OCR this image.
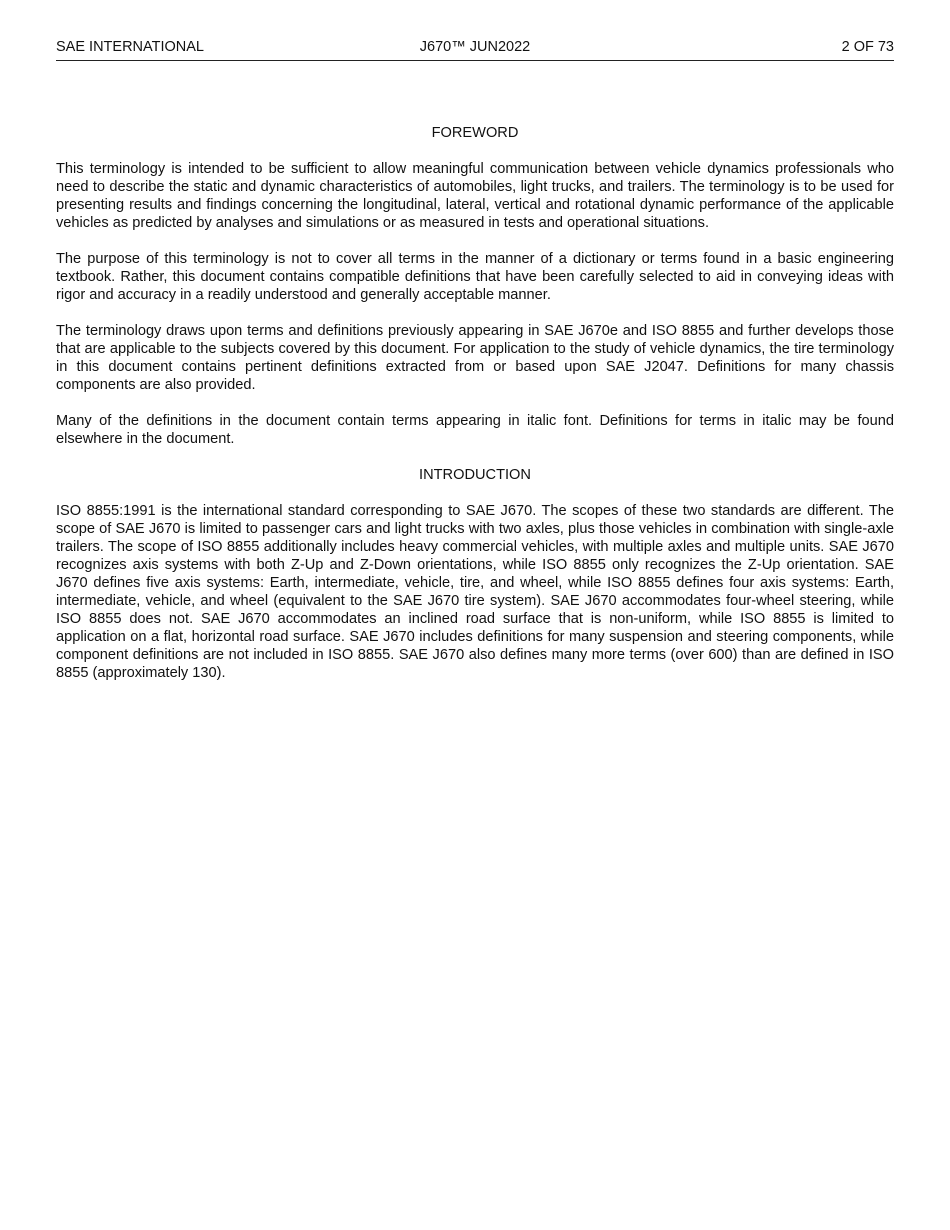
SAE INTERNATIONAL	J670™ JUN2022	2 OF 73
FOREWORD

This terminology is intended to be sufficient to allow meaningful communication between vehicle dynamics professionals who need to describe the static and dynamic characteristics of automobiles, light trucks, and trailers. The terminology is to be used for presenting results and findings concerning the longitudinal, lateral, vertical and rotational dynamic performance of the applicable vehicles as predicted by analyses and simulations or as measured in tests and operational situations.

The purpose of this terminology is not to cover all terms in the manner of a dictionary or terms found in a basic engineering textbook. Rather, this document contains compatible definitions that have been carefully selected to aid in conveying ideas with rigor and accuracy in a readily understood and generally acceptable manner.

The terminology draws upon terms and definitions previously appearing in SAE J670e and ISO 8855 and further develops those that are applicable to the subjects covered by this document. For application to the study of vehicle dynamics, the tire terminology in this document contains pertinent definitions extracted from or based upon SAE J2047. Definitions for many chassis components are also provided.

Many of the definitions in the document contain terms appearing in italic font. Definitions for terms in italic may be found elsewhere in the document.

INTRODUCTION

ISO 8855:1991 is the international standard corresponding to SAE J670. The scopes of these two standards are different. The scope of SAE J670 is limited to passenger cars and light trucks with two axles, plus those vehicles in combination with single-axle trailers. The scope of ISO 8855 additionally includes heavy commercial vehicles, with multiple axles and multiple units. SAE J670 recognizes axis systems with both Z-Up and Z-Down orientations, while ISO 8855 only recognizes the Z-Up orientation. SAE J670 defines five axis systems: Earth, intermediate, vehicle, tire, and wheel, while ISO 8855 defines four axis systems: Earth, intermediate, vehicle, and wheel (equivalent to the SAE J670 tire system). SAE J670 accommodates four-wheel steering, while ISO 8855 does not. SAE J670 accommodates an inclined road surface that is non-uniform, while ISO 8855 is limited to application on a flat, horizontal road surface. SAE J670 includes definitions for many suspension and steering components, while component definitions are not included in ISO 8855. SAE J670 also defines many more terms (over 600) than are defined in ISO 8855 (approximately 130).
